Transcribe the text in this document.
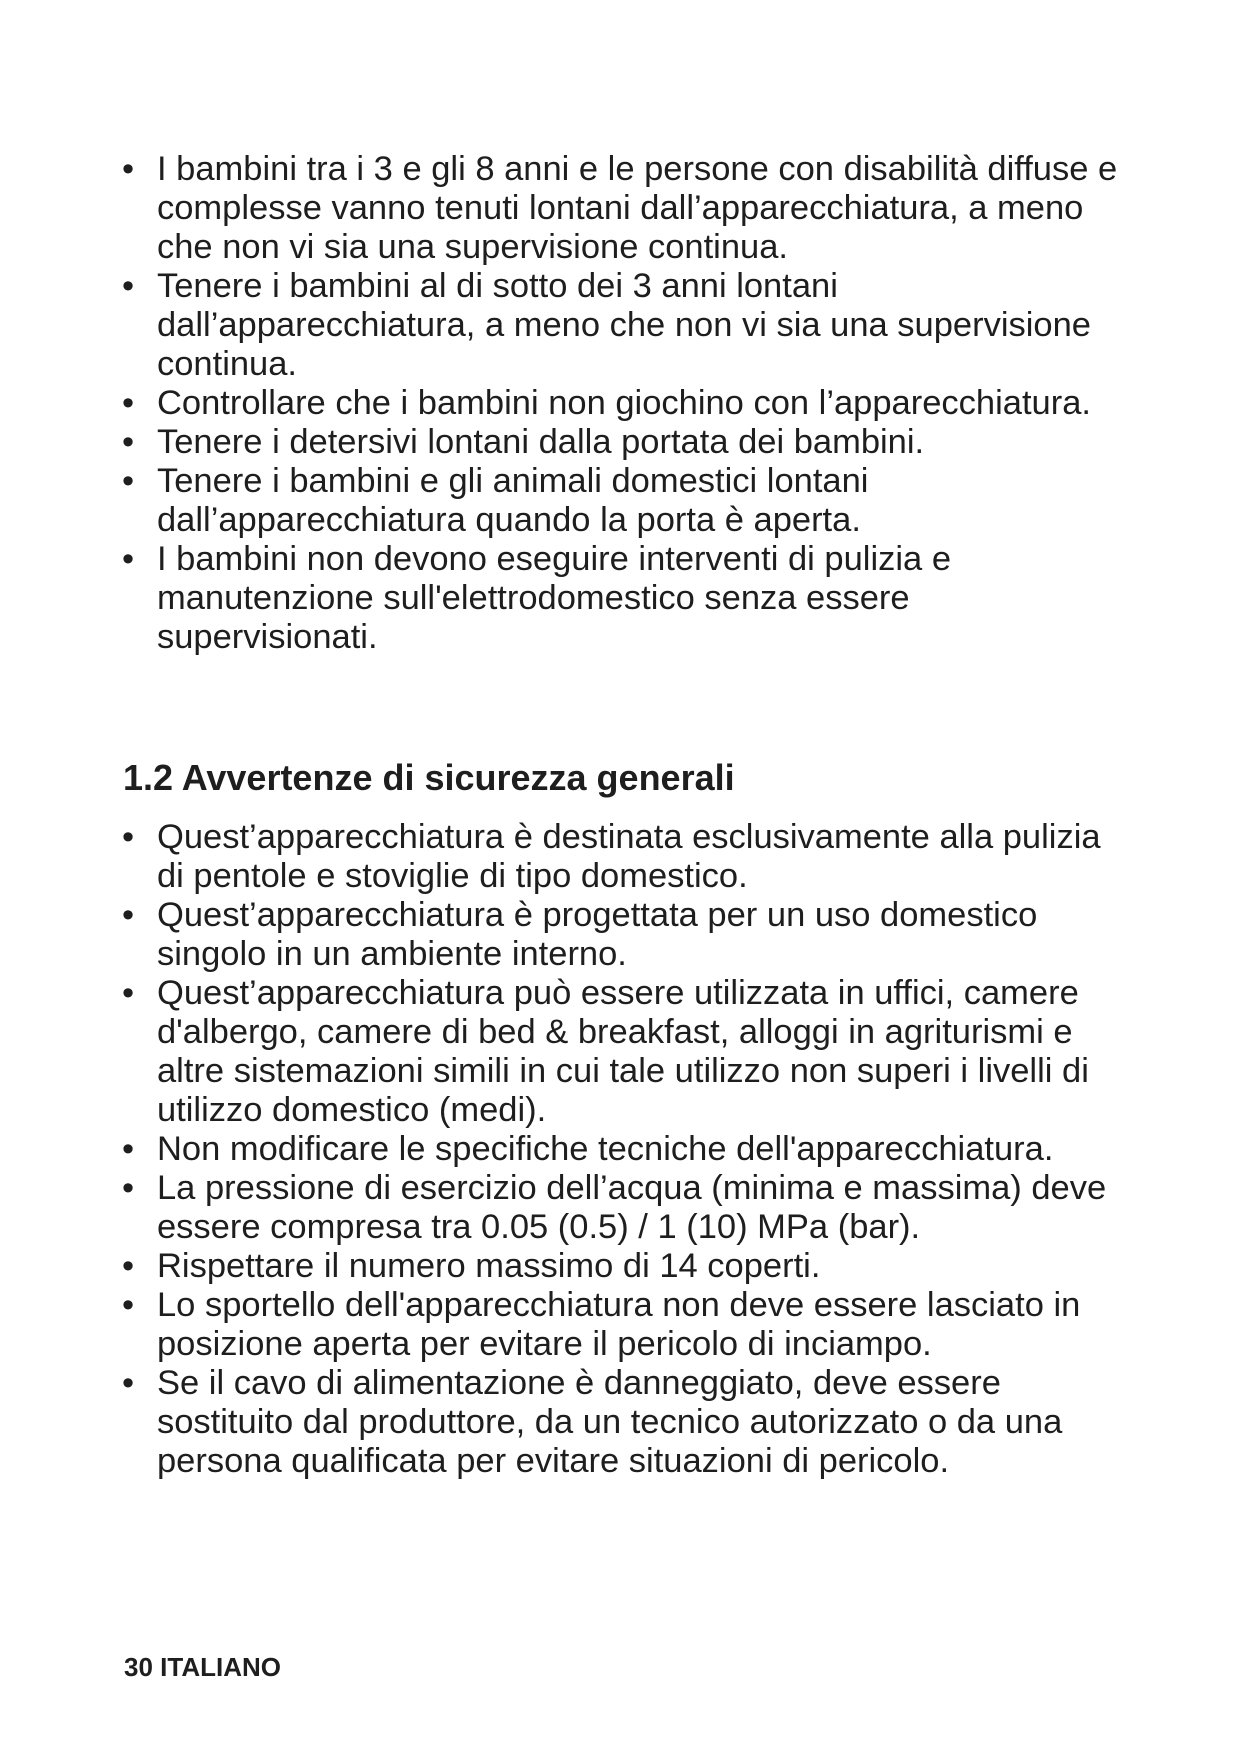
• I bambini tra i 3 e gli 8 anni e le persone con disabilità diffuse e complesse vanno tenuti lontani dall’apparecchiatura, a meno che non vi sia una supervisione continua.
• Tenere i bambini al di sotto dei 3 anni lontani dall’apparecchiatura, a meno che non vi sia una supervisione continua.
• Controllare che i bambini non giochino con l’apparecchiatura.
• Tenere i detersivi lontani dalla portata dei bambini.
• Tenere i bambini e gli animali domestici lontani dall’apparecchiatura quando la porta è aperta.
• I bambini non devono eseguire interventi di pulizia e manutenzione sull'elettrodomestico senza essere supervisionati.
1.2 Avvertenze di sicurezza generali
• Quest’apparecchiatura è destinata esclusivamente alla pulizia di pentole e stoviglie di tipo domestico.
• Quest’apparecchiatura è progettata per un uso domestico singolo in un ambiente interno.
• Quest’apparecchiatura può essere utilizzata in uffici, camere d'albergo, camere di bed & breakfast, alloggi in agriturismi e altre sistemazioni simili in cui tale utilizzo non superi i livelli di utilizzo domestico (medi).
• Non modificare le specifiche tecniche dell'apparecchiatura.
• La pressione di esercizio dell’acqua (minima e massima) deve essere compresa tra 0.05 (0.5) / 1 (10) MPa (bar).
• Rispettare il numero massimo di 14 coperti.
• Lo sportello dell'apparecchiatura non deve essere lasciato in posizione aperta per evitare il pericolo di inciampo.
• Se il cavo di alimentazione è danneggiato, deve essere sostituito dal produttore, da un tecnico autorizzato o da una persona qualificata per evitare situazioni di pericolo.
30 ITALIANO
